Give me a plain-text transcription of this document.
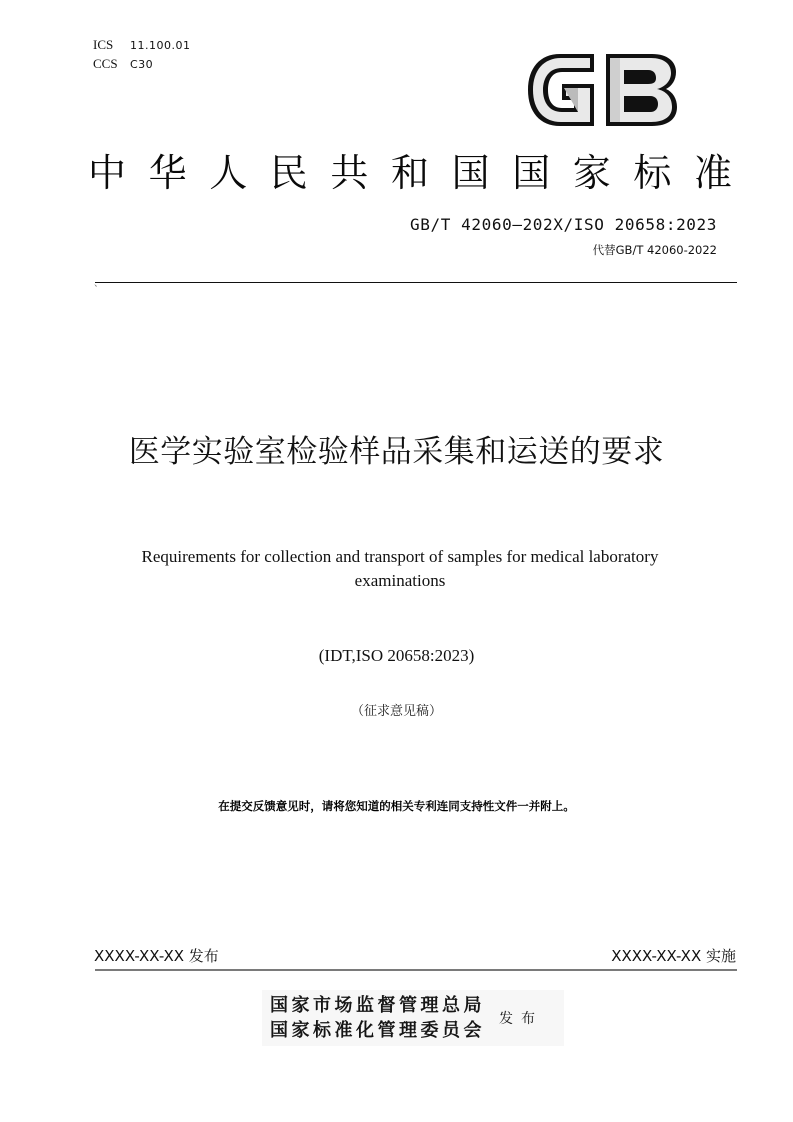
ICS 11.100.01
CCS C30
中华人民共和国国家标准
GB/T 42060—202X/ISO 20658:2023
代替GB/T 42060-2022
、
医学实验室检验样品采集和运送的要求
Requirements for collection and transport of samples for medical laboratory examinations
(IDT,ISO 20658:2023)
（征求意见稿）
在提交反馈意见时，请将您知道的相关专利连同支持性文件一并附上。
XXXX-XX-XX 发布	XXXX-XX-XX 实施
国家市场监督管理总局
国家标准化管理委员会
发布
